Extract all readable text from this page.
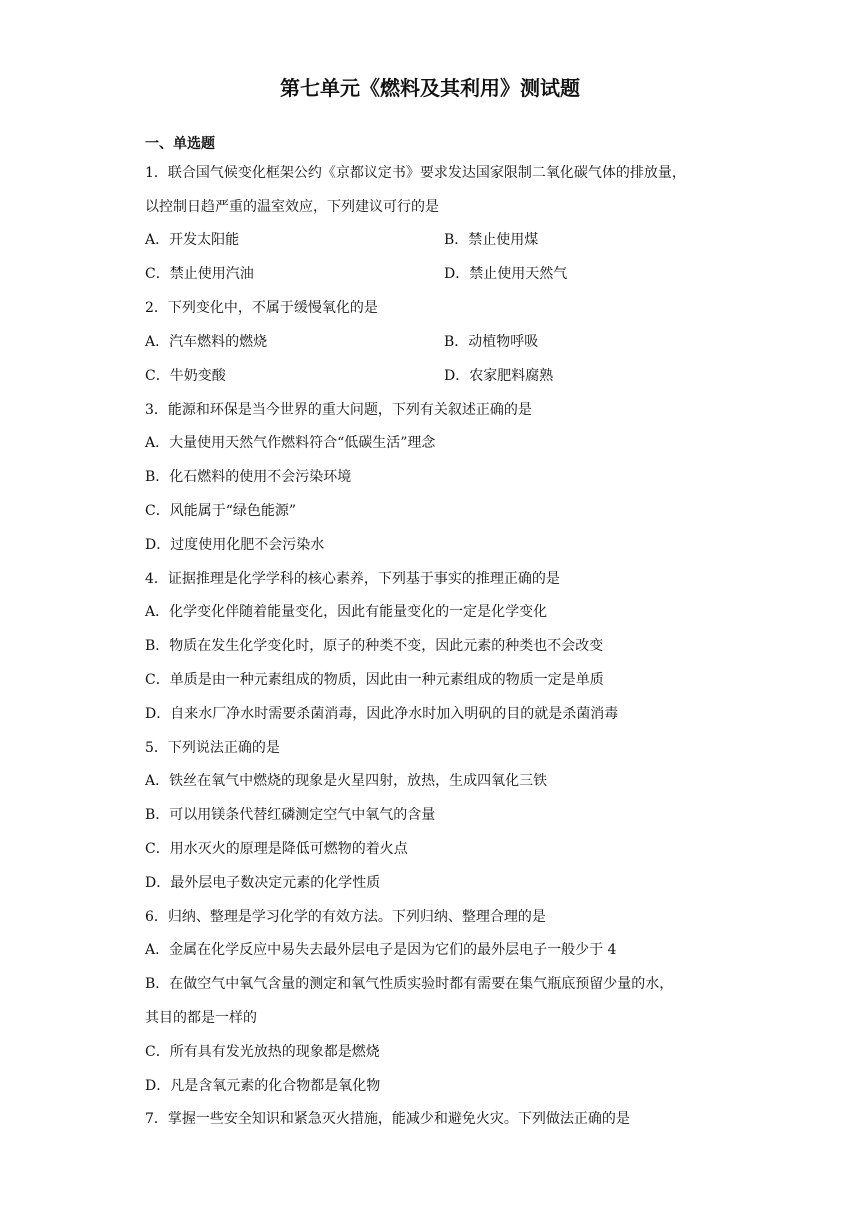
第七单元《燃料及其利用》测试题
一、单选题
1．联合国气候变化框架公约《京都议定书》要求发达国家限制二氧化碳气体的排放量，
以控制日趋严重的温室效应，下列建议可行的是
A．开发太阳能	B．禁止使用煤
C．禁止使用汽油	D．禁止使用天然气
2．下列变化中，不属于缓慢氧化的是
A．汽车燃料的燃烧	B．动植物呼吸
C．牛奶变酸	D．农家肥料腐熟
3．能源和环保是当今世界的重大问题，下列有关叙述正确的是
A．大量使用天然气作燃料符合“低碳生活”理念
B．化石燃料的使用不会污染环境
C．风能属于“绿色能源”
D．过度使用化肥不会污染水
4．证据推理是化学学科的核心素养，下列基于事实的推理正确的是
A．化学变化伴随着能量变化，因此有能量变化的一定是化学变化
B．物质在发生化学变化时，原子的种类不变，因此元素的种类也不会改变
C．单质是由一种元素组成的物质，因此由一种元素组成的物质一定是单质
D．自来水厂净水时需要杀菌消毒，因此净水时加入明矾的目的就是杀菌消毒
5．下列说法正确的是
A．铁丝在氧气中燃烧的现象是火星四射，放热，生成四氧化三铁
B．可以用镁条代替红磷测定空气中氧气的含量
C．用水灭火的原理是降低可燃物的着火点
D．最外层电子数决定元素的化学性质
6．归纳、整理是学习化学的有效方法。下列归纳、整理合理的是
A．金属在化学反应中易失去最外层电子是因为它们的最外层电子一般少于 4
B．在做空气中氧气含量的测定和氧气性质实验时都有需要在集气瓶底预留少量的水，
其目的都是一样的
C．所有具有发光放热的现象都是燃烧
D．凡是含氧元素的化合物都是氧化物
7．掌握一些安全知识和紧急灭火措施，能减少和避免火灾。下列做法正确的是
